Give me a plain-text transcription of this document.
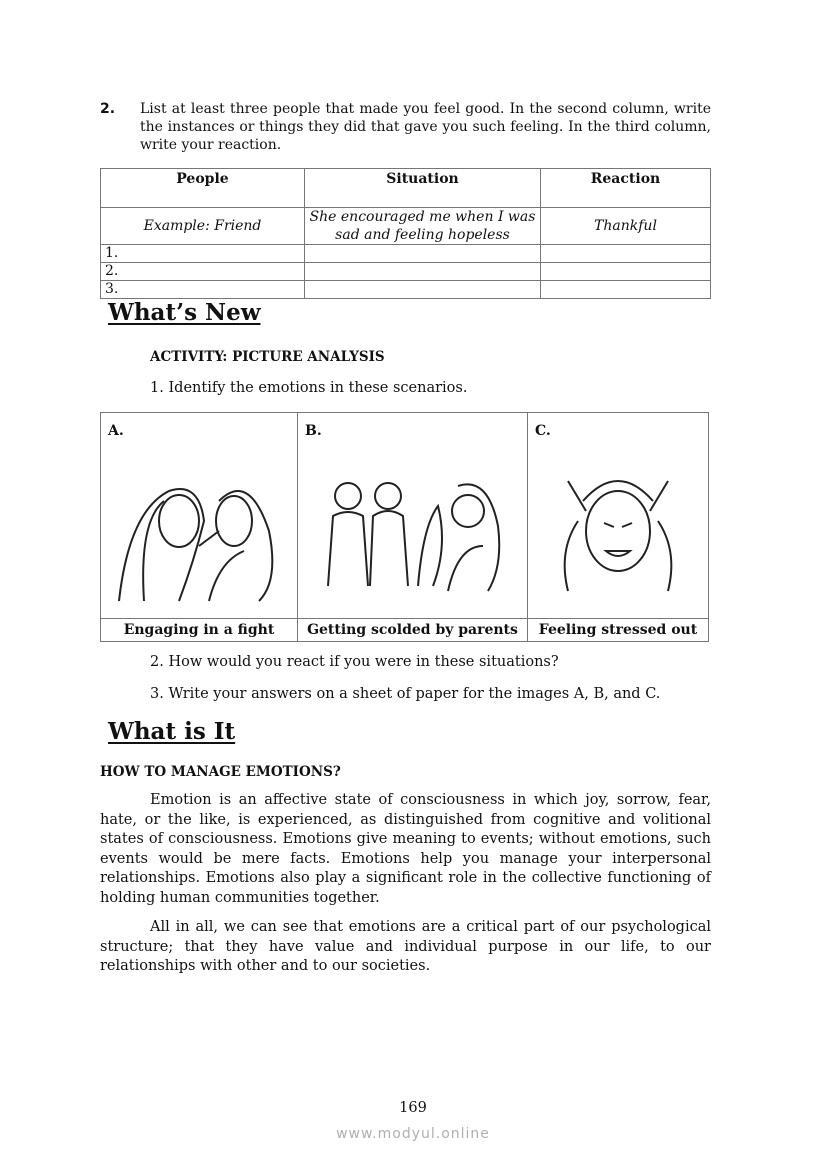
2. List at least three people that made you feel good. In the second column, write the instances or things they did that gave you such feeling. In the third column, write your reaction.
People	Situation	Reaction
Example: Friend	She encouraged me when I was sad and feeling hopeless	Thankful
1.		
2.		
3.		
What’s New
ACTIVITY: PICTURE ANALYSIS
1. Identify the emotions in these scenarios.
A.	B.	C.

Engaging in a fight	Getting scolded by parents	Feeling stressed out
2. How would you react if you were in these situations?
3. Write your answers on a sheet of paper for the images A, B, and C.
What is It
HOW TO MANAGE EMOTIONS?
Emotion is an affective state of consciousness in which joy, sorrow, fear, hate, or the like, is experienced, as distinguished from cognitive and volitional states of consciousness. Emotions give meaning to events; without emotions, such events would be mere facts. Emotions help you manage your interpersonal relationships. Emotions also play a significant role in the collective functioning of holding human communities together.
All in all, we can see that emotions are a critical part of our psychological structure; that they have value and individual purpose in our life, to our relationships with other and to our societies.
169
www.modyul.online
